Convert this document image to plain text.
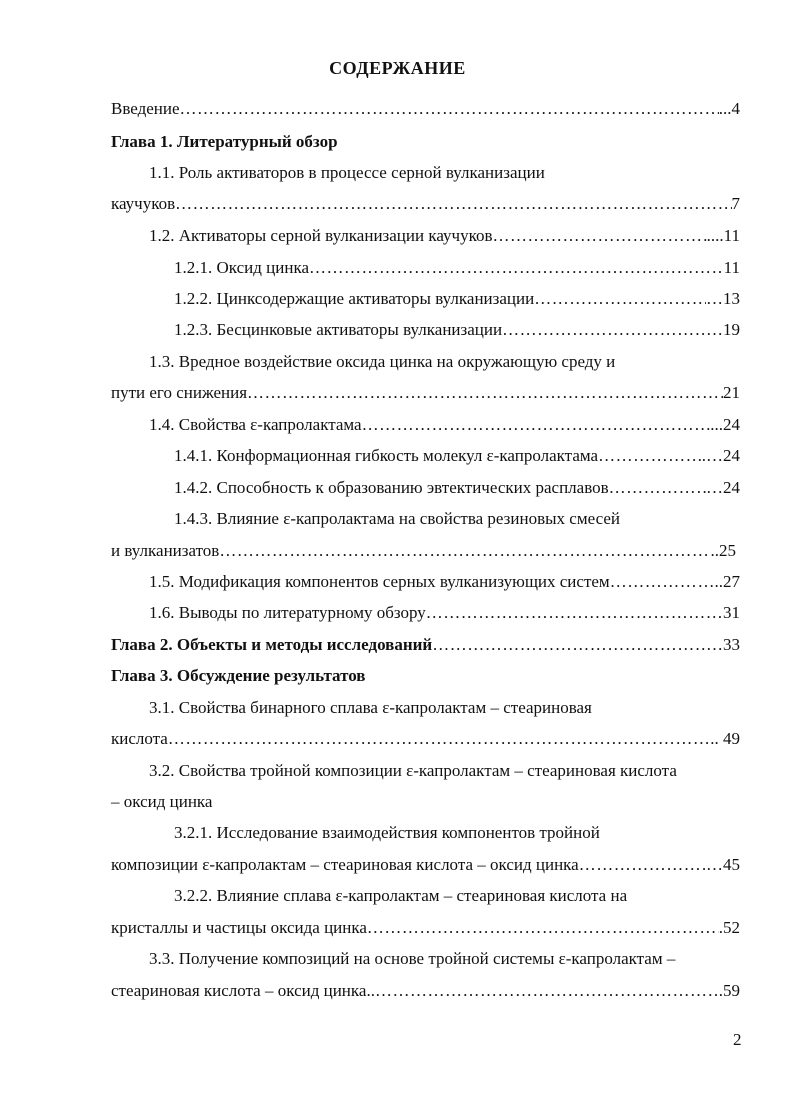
СОДЕРЖАНИЕ
Введение ……………………………………………………………………………………………………………………………………………………………………………………	...4
Глава 1. Литературный обзор
1.1. Роль активаторов в процессе серной вулканизации
каучуков ……………………………………………………………………………………………………………………………………………………………………………………	7
1.2. Активаторы серной вулканизации каучуков ……………………………………………………………………………………………………………………………………………………………………………………	....11
1.2.1. Оксид цинка ……………………………………………………………………………………………………………………………………………………………………………………	11
1.2.2. Цинксодержащие активаторы вулканизации ……………………………………………………………………………………………………………………………………………………………………………………	…13
1.2.3. Бесцинковые активаторы вулканизации ……………………………………………………………………………………………………………………………………………………………………………………	…19
1.3. Вредное воздействие оксида цинка на окружающую среду и
пути его снижения ……………………………………………………………………………………………………………………………………………………………………………………	21
1.4. Свойства ε-капролактама ……………………………………………………………………………………………………………………………………………………………………………………	...24
1.4.1. Конформационная гибкость молекул ε-капролактама ……………………………………………………………………………………………………………………………………………………………………………………	.…24
1.4.2. Способность к образованию эвтектических расплавов ……………………………………………………………………………………………………………………………………………………………………………………	…24
1.4.3. Влияние ε-капролактама на свойства резиновых смесей
и вулканизатов ……………………………………………………………………………………………………………………………………………………………………………………	..25
1.5. Модификация компонентов серных вулканизующих систем ……………………………………………………………………………………………………………………………………………………………………………………	…..27
1.6. Выводы по литературному обзору ……………………………………………………………………………………………………………………………………………………………………………………	31
Глава 2. Объекты и методы исследований ……………………………………………………………………………………………………………………………………………………………………………………	…33
Глава 3. Обсуждение результатов
3.1. Свойства бинарного сплава ε-капролактам – стеариновая
кислота ……………………………………………………………………………………………………………………………………………………………………………………	.. 49
3.2. Свойства тройной композиции ε-капролактам – стеариновая кислота
– оксид цинка
3.2.1. Исследование взаимодействия компонентов тройной
композиции ε-капролактам – стеариновая кислота – оксид цинка ……………………………………………………………………………………………………………………………………………………………………………………	…45
3.2.2. Влияние сплава ε-капролактам – стеариновая кислота на
кристаллы и частицы оксида цинка ……………………………………………………………………………………………………………………………………………………………………………………	.52
3.3. Получение композиций на основе тройной системы ε-капролактам –
стеариновая кислота – оксид цинка.. ……………………………………………………………………………………………………………………………………………………………………………………	.59
2
